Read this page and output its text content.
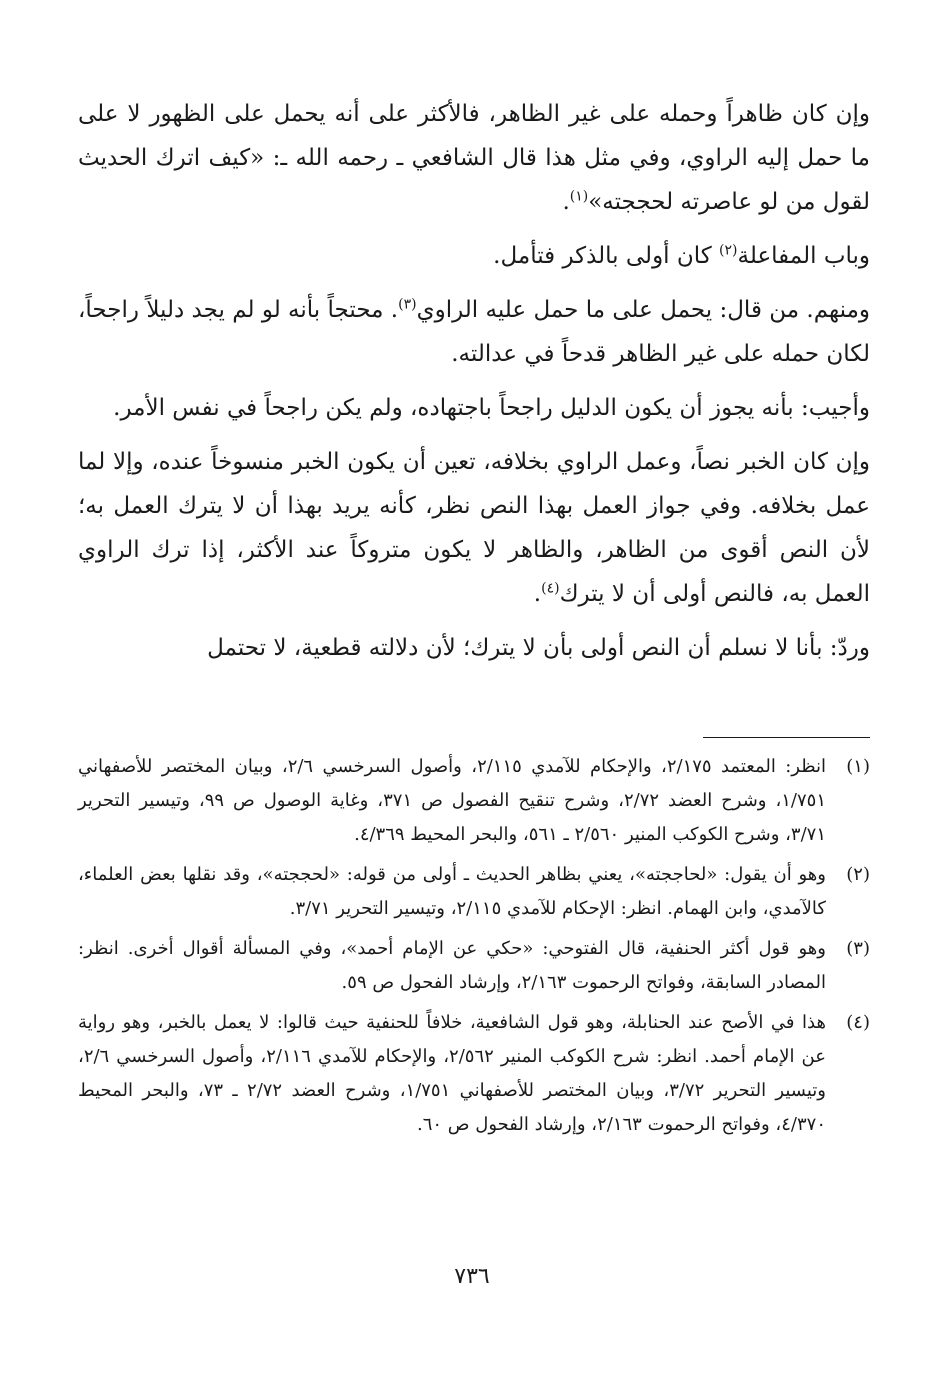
وإن كان ظاهراً وحمله على غير الظاهر، فالأكثر على أنه يحمل على الظهور لا على ما حمل إليه الراوي، وفي مثل هذا قال الشافعي ـ رحمه الله ـ: «كيف اترك الحديث لقول من لو عاصرته لحججته»$^{(١)}$.

وباب المفاعلة$^{(٢)}$ كان أولى بالذكر فتأمل.

ومنهم. من قال: يحمل على ما حمل عليه الراوي$^{(٣)}$. محتجاً بأنه لو لم يجد دليلاً راجحاً، لكان حمله على غير الظاهر قدحاً في عدالته.

وأجيب: بأنه يجوز أن يكون الدليل راجحاً باجتهاده، ولم يكن راجحاً في نفس الأمر.

وإن كان الخبر نصاً، وعمل الراوي بخلافه، تعين أن يكون الخبر منسوخاً عنده، وإلا لما عمل بخلافه. وفي جواز العمل بهذا النص نظر، كأنه يريد بهذا أن لا يترك العمل به؛ لأن النص أقوى من الظاهر، والظاهر لا يكون متروكاً عند الأكثر، إذا ترك الراوي العمل به، فالنص أولى أن لا يترك$^{(٤)}$.

وردّ: بأنا لا نسلم أن النص أولى بأن لا يترك؛ لأن دلالته قطعية، لا تحتمل

(١)
انظر: المعتمد ٢/١٧٥، والإحكام للآمدي ٢/١١٥، وأصول السرخسي ٢/٦، وبيان المختصر للأصفهاني ١/٧٥١، وشرح العضد ٢/٧٢، وشرح تنقيح الفصول ص ٣٧١، وغاية الوصول ص ٩٩، وتيسير التحرير ٣/٧١، وشرح الكوكب المنير ٢/٥٦٠ ـ ٥٦١، والبحر المحيط ٤/٣٦٩.
(٢)
وهو أن يقول: «لحاججته»، يعني بظاهر الحديث ـ أولى من قوله: «لحججته»، وقد نقلها بعض العلماء، كالآمدي، وابن الهمام. انظر: الإحكام للآمدي ٢/١١٥، وتيسير التحرير ٣/٧١.
(٣)
وهو قول أكثر الحنفية، قال الفتوحي: «حكي عن الإمام أحمد»، وفي المسألة أقوال أخرى. انظر: المصادر السابقة، وفواتح الرحموت ٢/١٦٣، وإرشاد الفحول ص ٥٩.
(٤)
هذا في الأصح عند الحنابلة، وهو قول الشافعية، خلافاً للحنفية حيث قالوا: لا يعمل بالخبر، وهو رواية عن الإمام أحمد. انظر: شرح الكوكب المنير ٢/٥٦٢، والإحكام للآمدي ٢/١١٦، وأصول السرخسي ٢/٦، وتيسير التحرير ٣/٧٢، وبيان المختصر للأصفهاني ١/٧٥١، وشرح العضد ٢/٧٢ ـ ٧٣، والبحر المحيط ٤/٣٧٠، وفواتح الرحموت ٢/١٦٣، وإرشاد الفحول ص ٦٠.
٧٣٦
